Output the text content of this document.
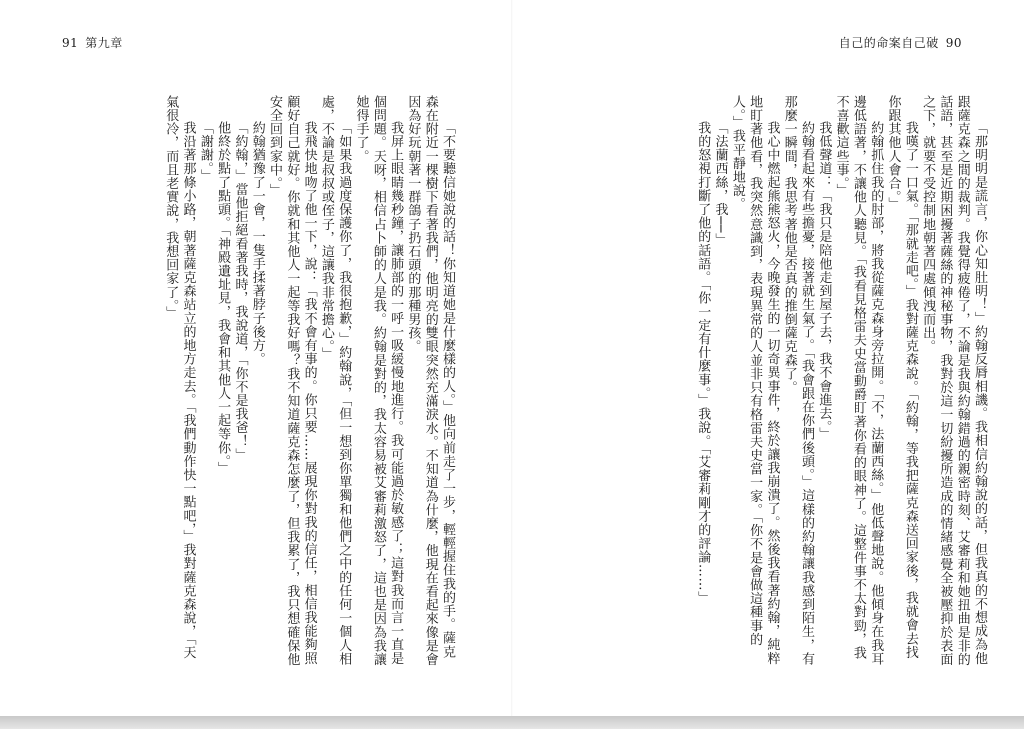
91 第九章

「不要聽信她說的話！你知道她是什麼樣的人。」他向前走了一步，輕輕握住我的手。薩克森在附近一棵樹下看著我們，他明亮的雙眼突然充滿淚水。不知道為什麼，他現在看起來像是會因為好玩朝著一群鴿子扔石頭的那種男孩。

我屏上眼睛幾秒鐘，讓肺部的一呼一吸緩慢地進行。我可能過於敏感了；這對我而言一直是個問題。天呀，相信占卜師的人是我。約翰是對的，我太容易被艾審莉激怒了，這也是因為我讓她得手了。

「如果我過度保護你了，我很抱歉，」約翰說，「但一想到你單獨和他們之中的任何一個人相處，不論是叔叔或侄子，這讓我非常擔心。」

我飛快地吻了他一下，說：「我不會有事的。你只要……展現你對我的信任，相信我能夠照顧好自己就好。你就和其他人一起等我好嗎？我不知道薩克森怎麼了，但我累了，我只想確保他安全回到家中。」

約翰猶豫了一會，一隻手揉著脖子後方。

「約翰，」當他拒絕看著我時，我說道，「你不是我爸！」

他終於點了點頭。「神殿遺址見，我會和其他人一起等你。」

「謝謝。」

我沿著那條小路，朝著薩克森站立的地方走去。「我們動作快一點吧，」我對薩克森說，「天氣很冷，而且老實說，我想回家了。」

自己的命案自己破 90

「那明明是謊言，你心知肚明！」約翰反脣相譏。我相信約翰說的話，但我真的不想成為他跟薩克森之間的裁判。我覺得疲倦了，不論是我與約翰錯過的親密時刻、艾審莉和她扭曲是非的話語，甚至是近期困擾著薩絲的神秘事物，我對於這一切紛擾所造成的情緒感覺全被壓抑於表面之下，就要不受控制地朝著四處傾洩而出。

我嘆了一口氣。「那就走吧。」我對薩克森說。「約翰，等我把薩克森送回家後，我就會去找你跟其他人會合。」

約翰抓住我的肘部，將我從薩克森身旁拉開。「不，法蘭西絲。」他低聲地說。他傾身在我耳邊低語著，不讓他人聽見。「我看見格雷夫史當動爵盯著你看的眼神了。這整件事不太對勁，我不喜歡這些事。」

我低聲道：「我只是陪他走到屋子去，我不會進去。」

約翰看起來有些擔憂，接著就生氣了。「我會跟在你們後頭。」這樣的約翰讓我感到陌生，有那麼一瞬間，我思考著他是否真的推倒薩克森了。

我心中燃起熊熊怒火，今晚發生的一切奇異事件，終於讓我崩潰了。然後我看著約翰，純粹地盯著他看，我突然意識到，表現異常的人並非只有格雷夫史當一家。「你不是會做這種事的人。」我平靜地說。

「法蘭西絲，我──」

我的怒視打斷了他的話語。「你一定有什麼事。」我說。「艾審莉剛才的評論……」
